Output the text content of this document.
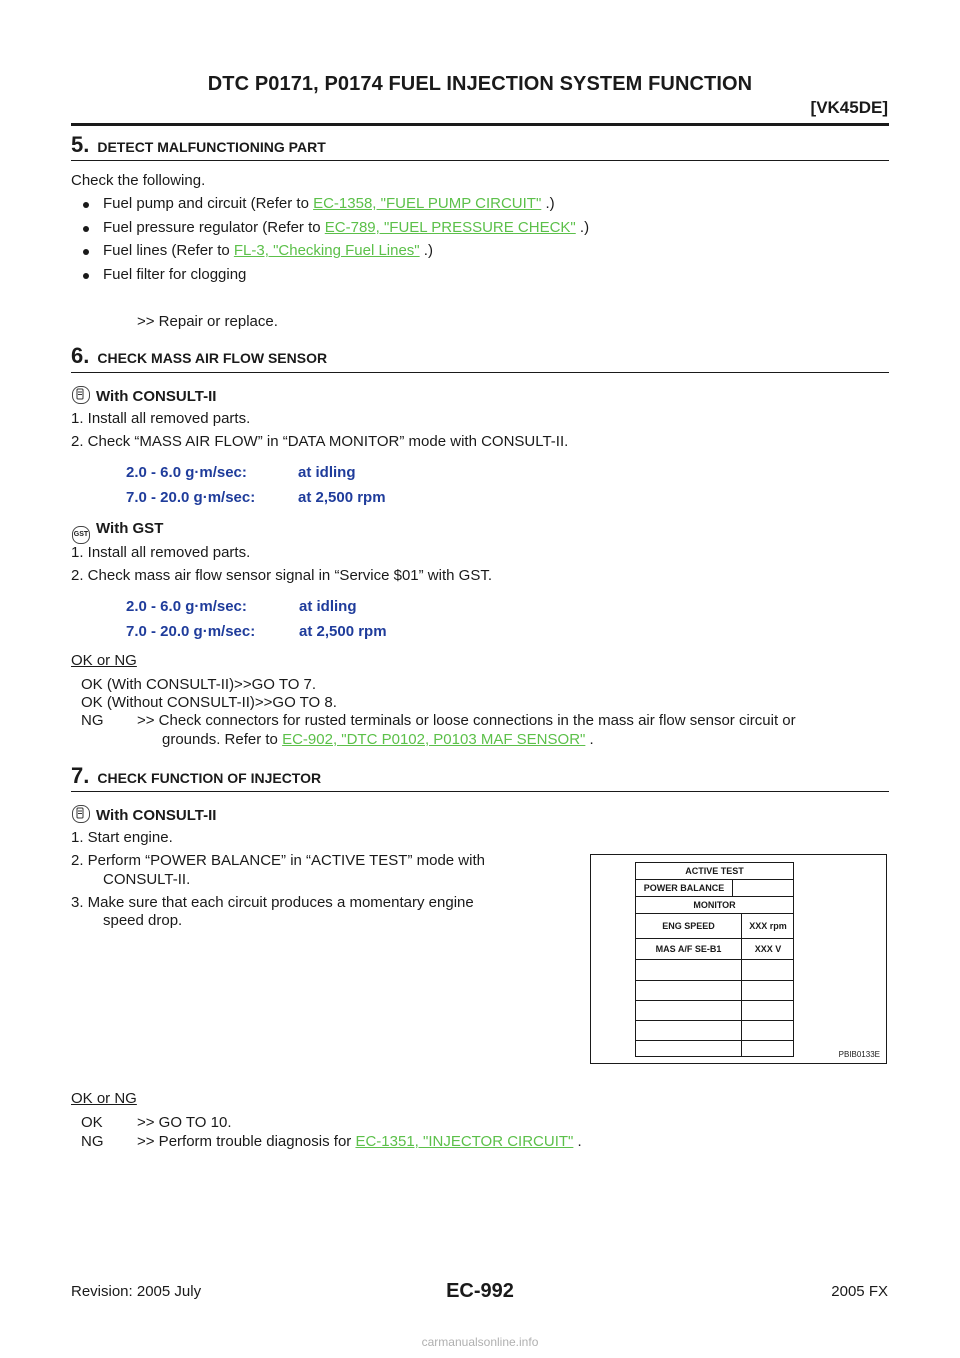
DTC P0171, P0174 FUEL INJECTION SYSTEM FUNCTION
[VK45DE]
5. DETECT MALFUNCTIONING PART
Check the following.
Fuel pump and circuit (Refer to EC-1358, "FUEL PUMP CIRCUIT" .)
Fuel pressure regulator (Refer to EC-789, "FUEL PRESSURE CHECK" .)
Fuel lines (Refer to FL-3, "Checking Fuel Lines" .)
Fuel filter for clogging
>> Repair or replace.
6. CHECK MASS AIR FLOW SENSOR
With CONSULT-II
1. Install all removed parts.
2. Check “MASS AIR FLOW” in “DATA MONITOR” mode with CONSULT-II.
2.0 - 6.0 g·m/sec:	at idling
7.0 - 20.0 g·m/sec:	at 2,500 rpm
GST With GST
1. Install all removed parts.
2. Check mass air flow sensor signal in “Service $01” with GST.
2.0 - 6.0 g·m/sec:	at idling
7.0 - 20.0 g·m/sec:	at 2,500 rpm
OK or NG
OK (With CONSULT-II)>>GO TO 7.
OK (Without CONSULT-II)>>GO TO 8.
NG >> Check connectors for rusted terminals or loose connections in the mass air flow sensor circuit or
grounds. Refer to EC-902, "DTC P0102, P0103 MAF SENSOR" .
7. CHECK FUNCTION OF INJECTOR
With CONSULT-II
1. Start engine.
2. Perform “POWER BALANCE” in “ACTIVE TEST” mode with
CONSULT-II.
3. Make sure that each circuit produces a momentary engine
speed drop.
ACTIVE TEST
POWER BALANCE
MONITOR
ENG SPEED	XXX rpm
MAS A/F SE-B1	XXX V
PBIB0133E
OK or NG
OK >> GO TO 10.
NG >> Perform trouble diagnosis for EC-1351, "INJECTOR CIRCUIT" .
Revision: 2005 July	EC-992	2005 FX
carmanualsonline.info
